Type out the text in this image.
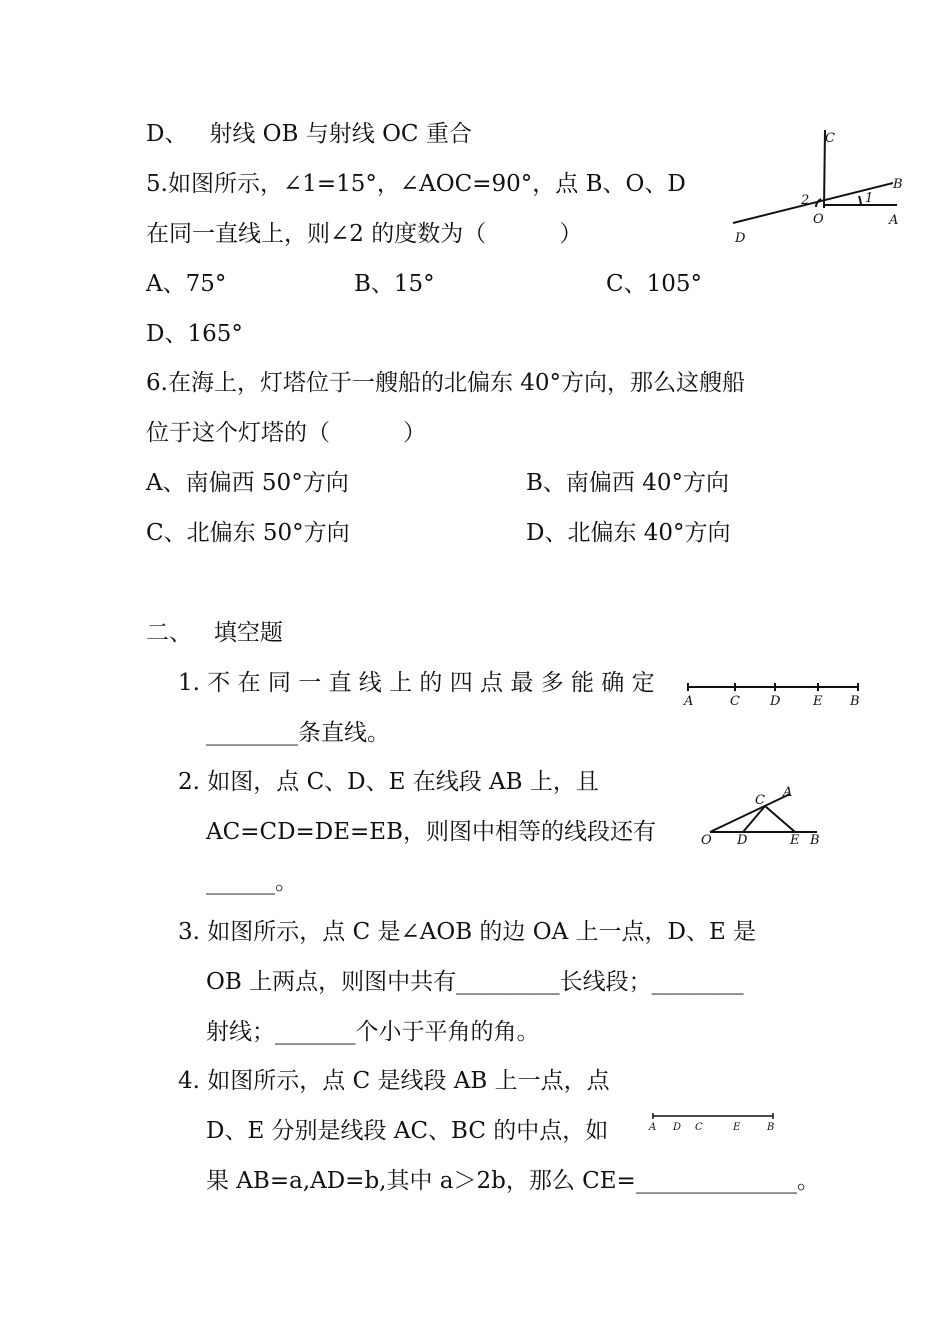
D、   射线 OB 与射线 OC 重合
5.如图所示，∠1=15°，∠AOC=90°，点 B、O、D
在同一直线上，则∠2 的度数为（          ）
A、75°	B、15°	C、105°
D、165°
C
B
2	1
O	A
D
6.在海上，灯塔位于一艘船的北偏东 40°方向，那么这艘船
位于这个灯塔的（          ）
A、南偏西 50°方向	B、南偏西 40°方向
C、北偏东 50°方向	D、北偏东 40°方向
二、   填空题
1. 不 在 同 一 直 线 上 的 四 点 最 多 能 确 定
________条直线。
A	C D	E B
2. 如图，点 C、D、E 在线段 AB 上，且
AC=CD=DE=EB，则图中相等的线段还有
______。
C
A
O D	E B
3. 如图所示，点 C 是∠AOB 的边 OA 上一点，D、E 是
OB 上两点，则图中共有_________长线段；________
射线；_______个小于平角的角。
4. 如图所示，点 C 是线段 AB 上一点，点
D、E 分别是线段 AC、BC 的中点，如
果 AB=a,AD=b,其中 a＞2b，那么 CE=______________。
A D C	E	B
